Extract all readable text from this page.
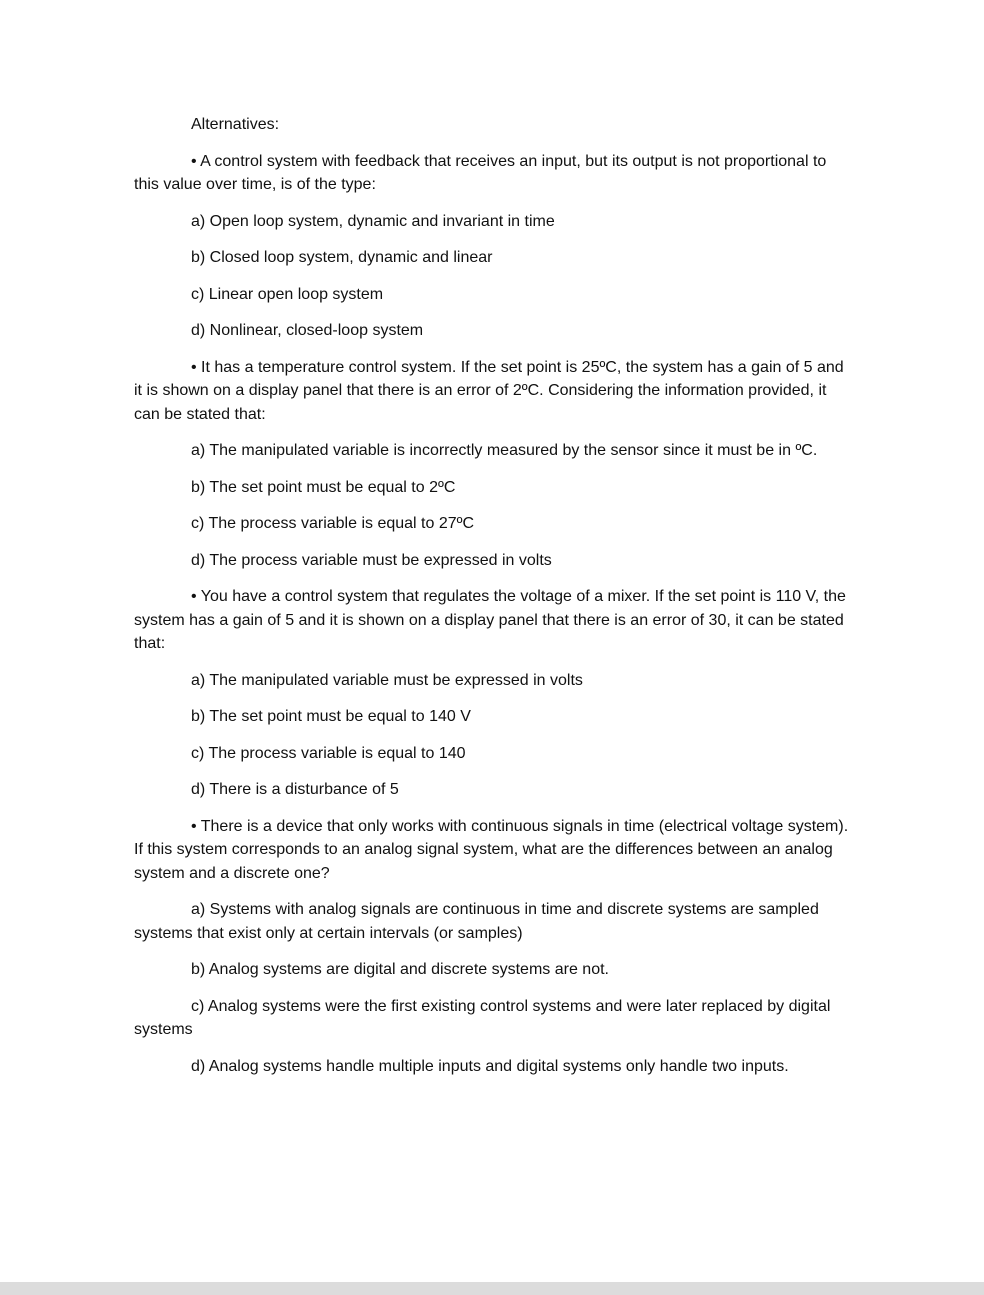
Alternatives:

• A control system with feedback that receives an input, but its output is not proportional to this value over time, is of the type:

a) Open loop system, dynamic and invariant in time

b) Closed loop system, dynamic and linear

c) Linear open loop system

d) Nonlinear, closed-loop system

• It has a temperature control system. If the set point is 25ºC, the system has a gain of 5 and it is shown on a display panel that there is an error of 2ºC. Considering the information provided, it can be stated that:

a) The manipulated variable is incorrectly measured by the sensor since it must be in ºC.

b) The set point must be equal to 2ºC

c) The process variable is equal to 27ºC

d) The process variable must be expressed in volts

• You have a control system that regulates the voltage of a mixer. If the set point is 110 V, the system has a gain of 5 and it is shown on a display panel that there is an error of 30, it can be stated that:

a) The manipulated variable must be expressed in volts

b) The set point must be equal to 140 V

c) The process variable is equal to 140

d) There is a disturbance of 5

• There is a device that only works with continuous signals in time (electrical voltage system). If this system corresponds to an analog signal system, what are the differences between an analog system and a discrete one?

a) Systems with analog signals are continuous in time and discrete systems are sampled systems that exist only at certain intervals (or samples)

b) Analog systems are digital and discrete systems are not.

c) Analog systems were the first existing control systems and were later replaced by digital systems

d) Analog systems handle multiple inputs and digital systems only handle two inputs.
